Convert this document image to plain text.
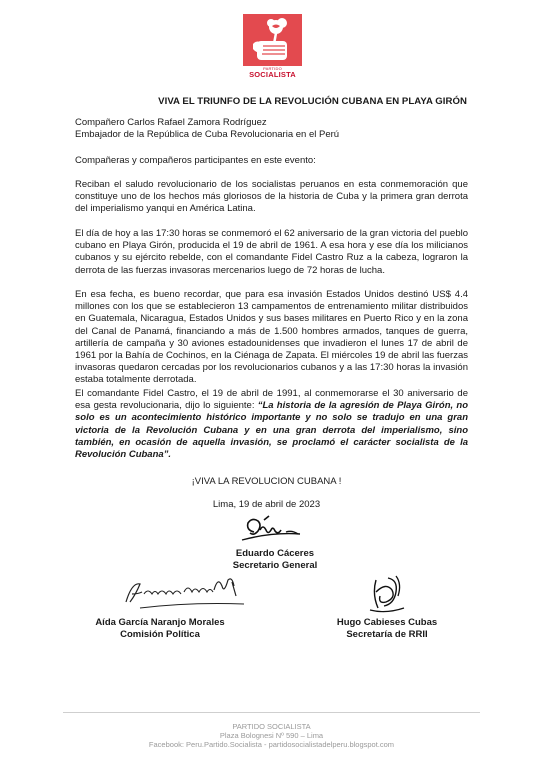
PARTIDO
SOCIALISTA
VIVA EL TRIUNFO DE LA REVOLUCIÓN CUBANA EN PLAYA GIRÓN
Compañero Carlos Rafael Zamora Rodríguez
Embajador de la República de Cuba Revolucionaria en el Perú
Compañeras y compañeros participantes en este evento:
Reciban el saludo revolucionario de los socialistas peruanos en esta conmemoración que constituye uno de los hechos más gloriosos de la historia de Cuba y la primera gran derrota del imperialismo yanqui en América Latina.
El día de hoy a las 17:30 horas se conmemoró el 62 aniversario de la gran victoria del pueblo cubano en Playa Girón, producida el 19 de abril de 1961. A esa hora y ese día los milicianos cubanos y su ejército rebelde, con el comandante Fidel Castro Ruz a la cabeza, lograron la derrota de las fuerzas invasoras mercenarios luego de 72 horas de lucha.
En esa fecha, es bueno recordar, que para esa invasión Estados Unidos destinó US$ 4.4 millones con los que se establecieron 13 campamentos de entrenamiento militar distribuidos en Guatemala, Nicaragua, Estados Unidos y sus bases militares en Puerto Rico y en la zona del Canal de Panamá, financiando a más de 1.500 hombres armados, tanques de guerra, artillería de campaña y 30 aviones estadounidenses que invadieron el lunes 17 de abril de 1961 por la Bahía de Cochinos, en la Ciénaga de Zapata. El miércoles 19 de abril las fuerzas invasoras quedaron cercadas por los revolucionarios cubanos y a las 17:30 horas la invasión estaba totalmente derrotada.
El comandante Fidel Castro, el 19 de abril de 1991, al conmemorarse el 30 aniversario de esa gesta revolucionaria, dijo lo siguiente: “La historia de la agresión de Playa Girón, no solo es un acontecimiento histórico importante y no solo se tradujo en una gran victoria de la Revolución Cubana y en una gran derrota del imperialismo, sino también, en ocasión de aquella invasión, se proclamó el carácter socialista de la Revolución Cubana”.
¡VIVA LA REVOLUCION CUBANA !
Lima, 19 de abril de 2023
Eduardo Cáceres
Secretario General
Aída García Naranjo Morales
Comisión Política
Hugo Cabieses Cubas
Secretaría de RRII
PARTIDO SOCIALISTA
Plaza Bolognesi Nº 590 – Lima
Facebook: Peru.Partido.Socialista - partidosocialistadelperu.blogspot.com
